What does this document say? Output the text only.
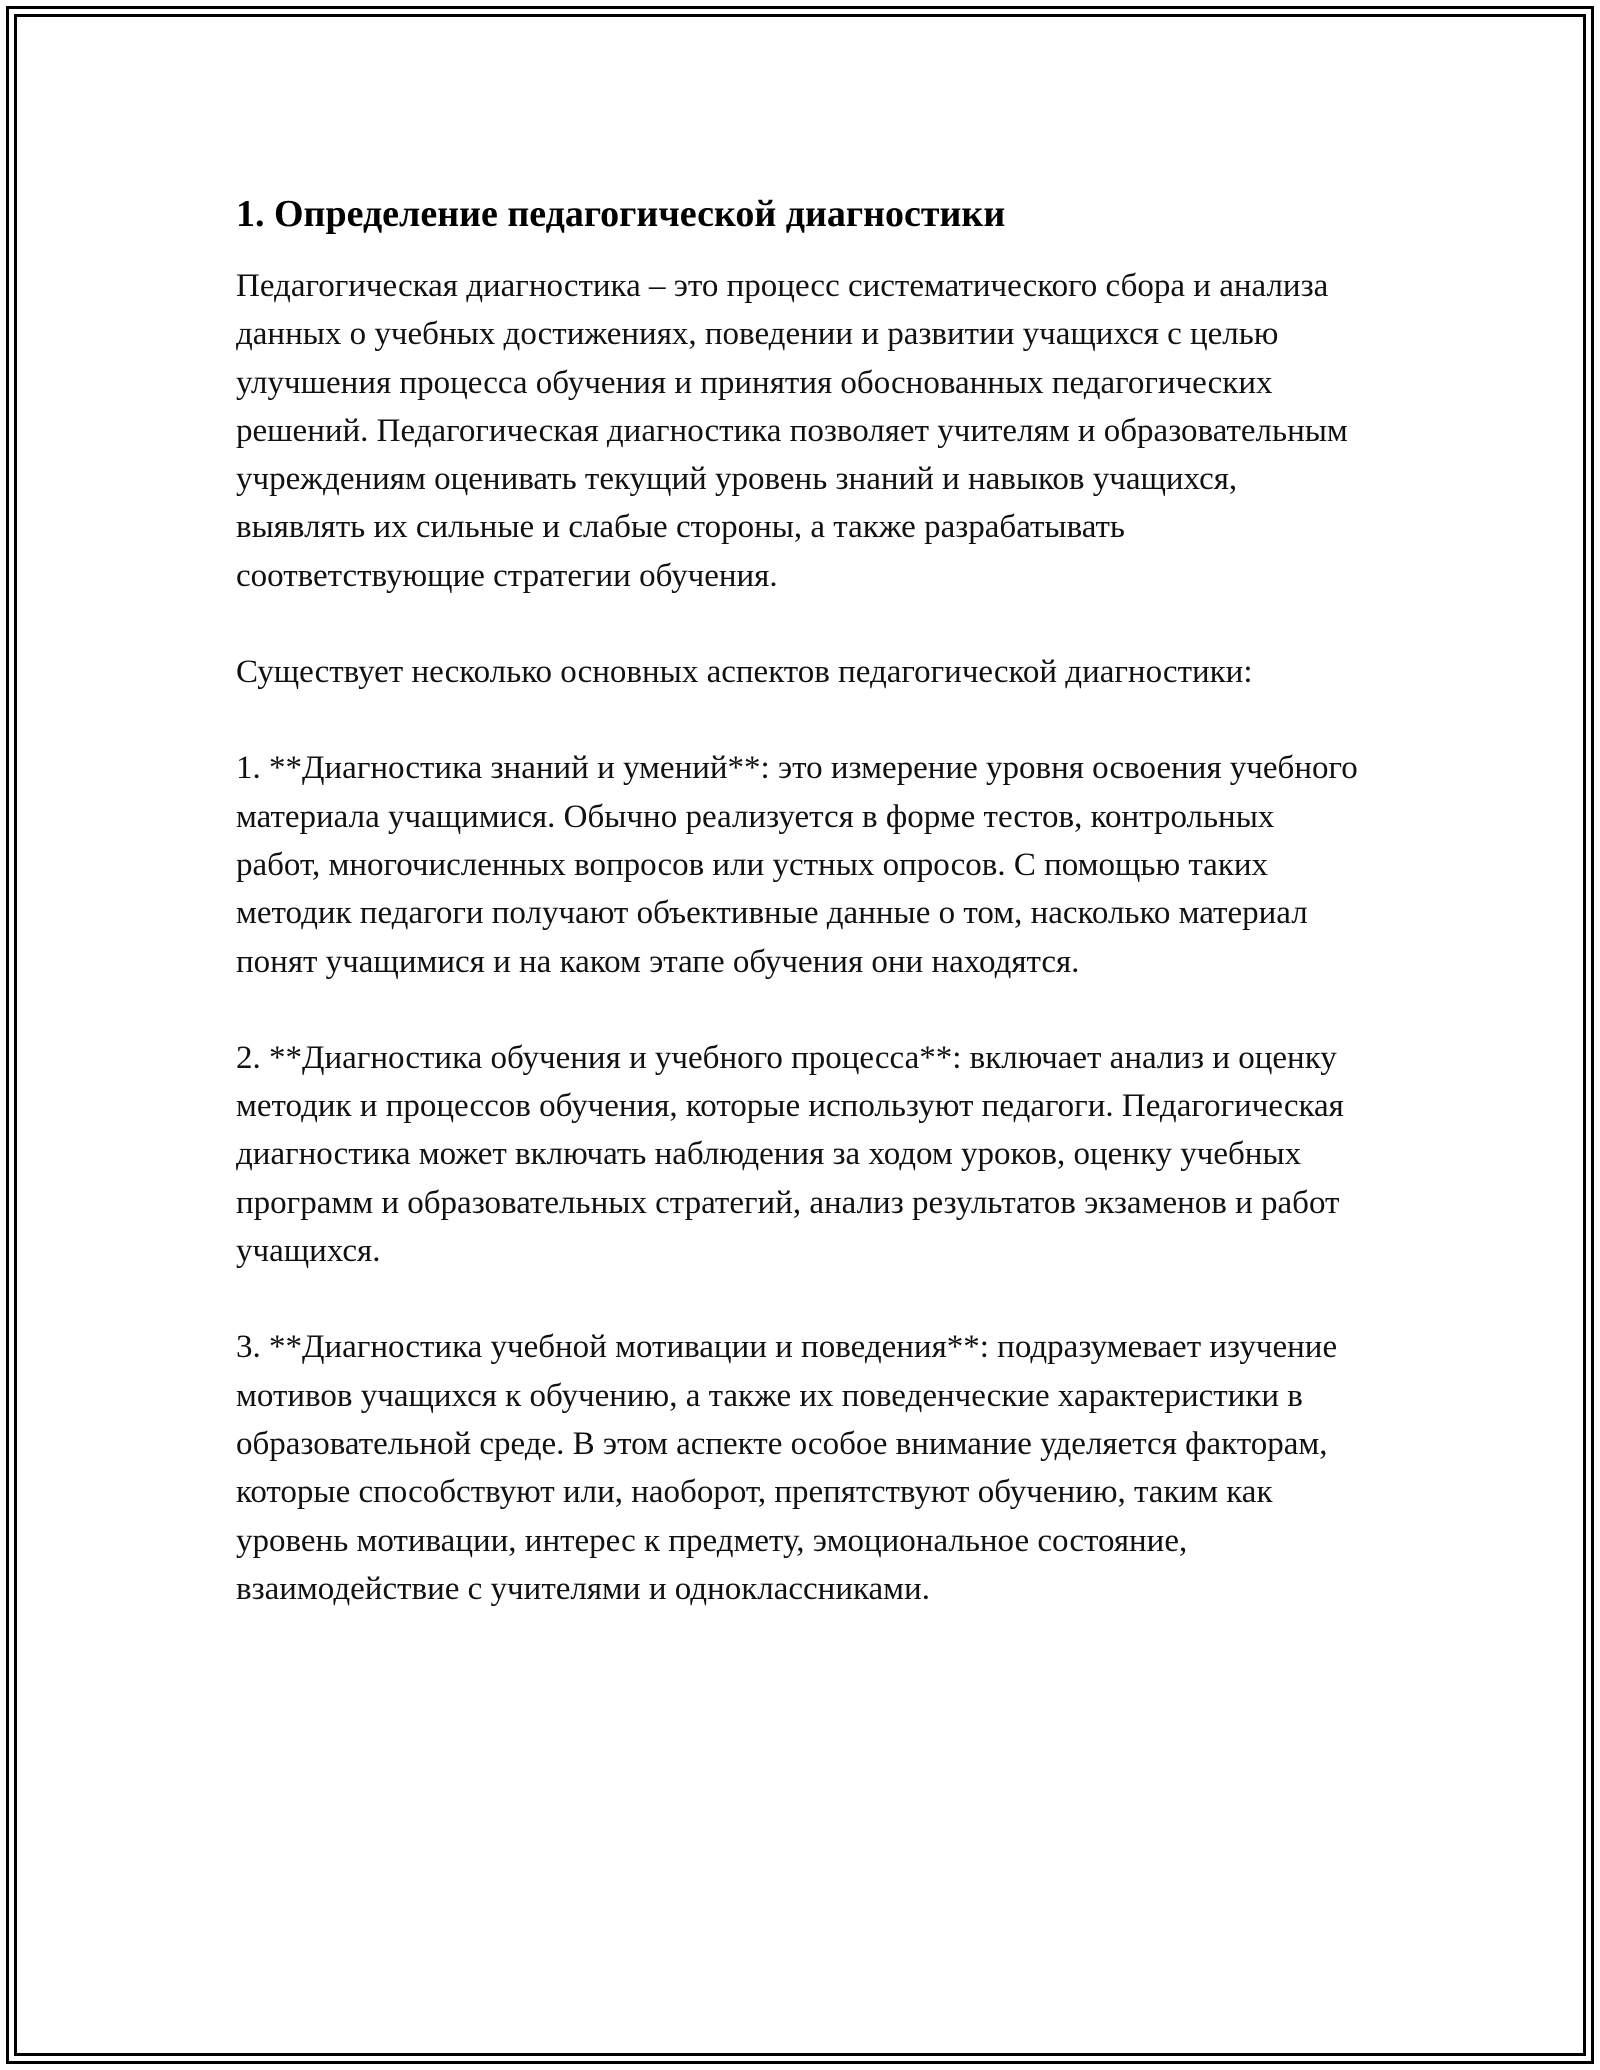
1. Определение педагогической диагностики

Педагогическая диагностика – это процесс систематического сбора и анализа данных о учебных достижениях, поведении и развитии учащихся с целью улучшения процесса обучения и принятия обоснованных педагогических решений. Педагогическая диагностика позволяет учителям и образовательным учреждениям оценивать текущий уровень знаний и навыков учащихся, выявлять их сильные и слабые стороны, а также разрабатывать соответствующие стратегии обучения.

Существует несколько основных аспектов педагогической диагностики:

1. **Диагностика знаний и умений**: это измерение уровня освоения учебного материала учащимися. Обычно реализуется в форме тестов, контрольных работ, многочисленных вопросов или устных опросов. С помощью таких методик педагоги получают объективные данные о том, насколько материал понят учащимися и на каком этапе обучения они находятся.

2. **Диагностика обучения и учебного процесса**: включает анализ и оценку методик и процессов обучения, которые используют педагоги. Педагогическая диагностика может включать наблюдения за ходом уроков, оценку учебных программ и образовательных стратегий, анализ результатов экзаменов и работ учащихся.

3. **Диагностика учебной мотивации и поведения**: подразумевает изучение мотивов учащихся к обучению, а также их поведенческие характеристики в образовательной среде. В этом аспекте особое внимание уделяется факторам, которые способствуют или, наоборот, препятствуют обучению, таким как уровень мотивации, интерес к предмету, эмоциональное состояние, взаимодействие с учителями и одноклассниками.
